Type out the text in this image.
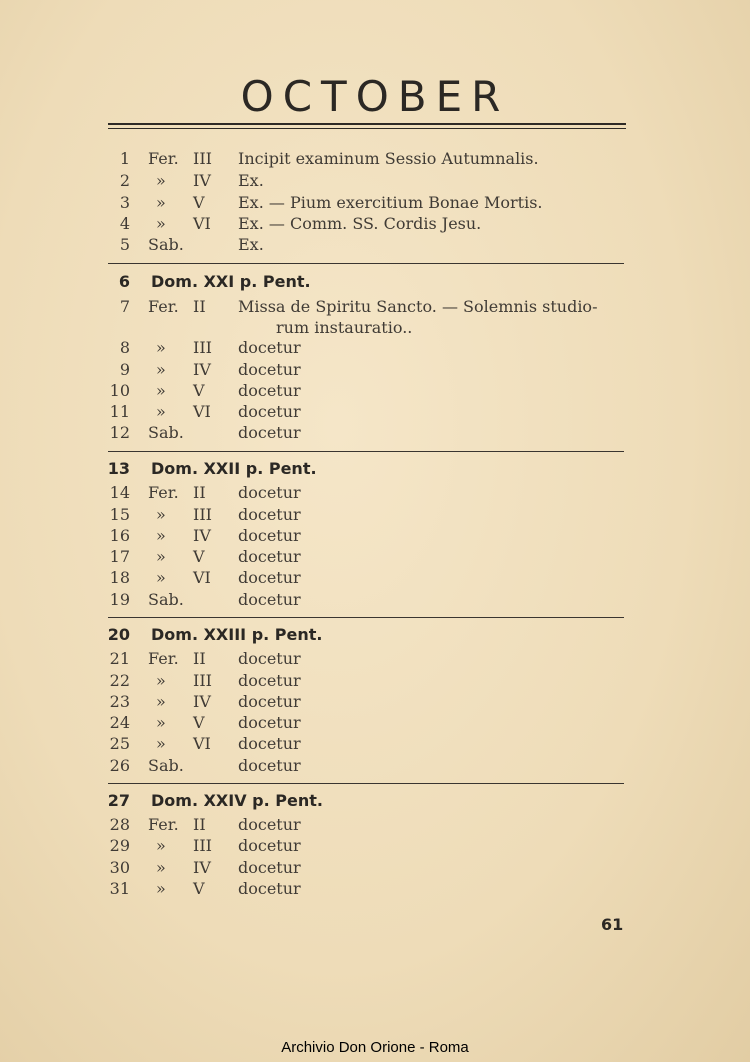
OCTOBER
1 Fer. III Incipit examinum Sessio Autumnalis.
2 » IV Ex.
3 » V Ex. — Pium exercitium Bonae Mortis.
4 » VI Ex. — Comm. SS. Cordis Jesu.
5 Sab.	Ex.
6 Dom. XXI p. Pent.
7 Fer. II Missa de Spiritu Sancto. — Solemnis studio-
rum instauratio..
8 » III docetur
9 » IV docetur
10 » V docetur
11 » VI docetur
12 Sab.	docetur
13 Dom. XXII p. Pent.
14 Fer. II docetur
15 » III docetur
16 » IV docetur
17 » V docetur
18 » VI docetur
19 Sab.	docetur
20 Dom. XXIII p. Pent.
21 Fer. II docetur
22 » III docetur
23 » IV docetur
24 » V docetur
25 » VI docetur
26 Sab.	docetur
27 Dom. XXIV p. Pent.
28 Fer. II docetur
29 » III docetur
30 » IV docetur
31 » V docetur
61
Archivio Don Orione - Roma
